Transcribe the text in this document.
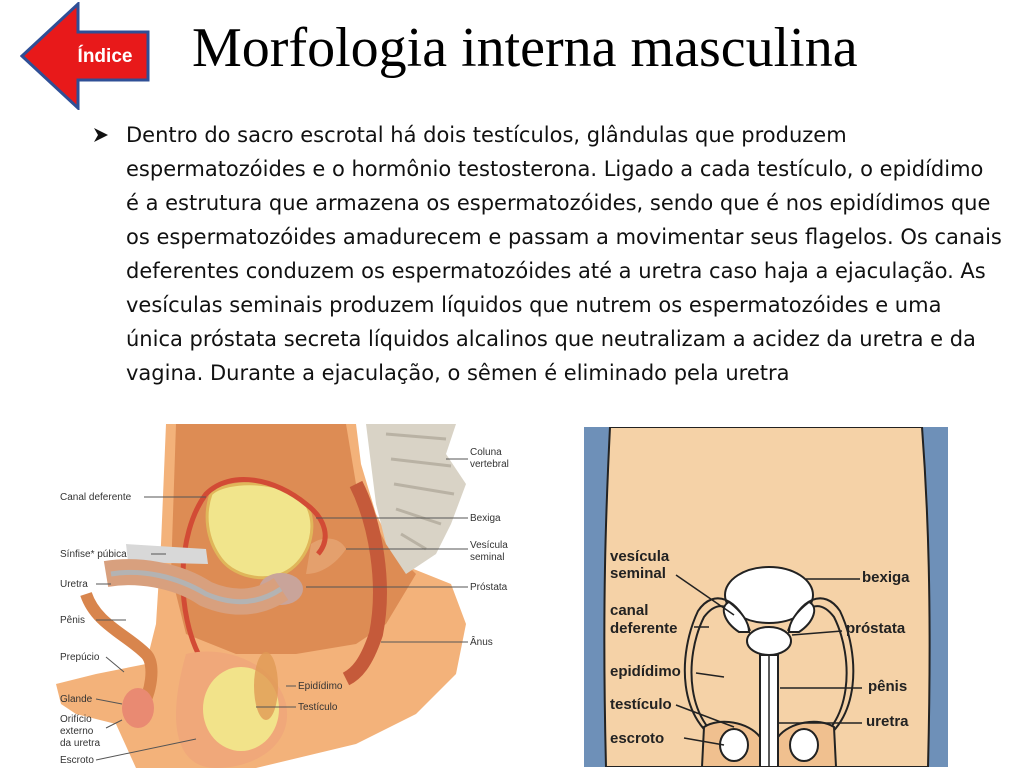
Índice	Morfologia interna masculina

Dentro do sacro escrotal há dois testículos, glândulas que produzem espermatozóides e o hormônio testosterona. Ligado a cada testículo, o epidídimo é a estrutura que armazena os espermatozóides, sendo que é nos epidídimos que os espermatozóides amadurecem e passam a movimentar seus flagelos. Os canais deferentes conduzem os espermatozóides até a uretra caso haja a ejaculação. As vesículas seminais produzem líquidos que nutrem os espermatozóides e uma única próstata secreta líquidos alcalinos que neutralizam a acidez da uretra e da vagina. Durante a ejaculação, o sêmen é eliminado pela uretra

Coluna
vertebral
Bexiga
Vesícula
seminal
Próstata
Ânus
Canal deferente
Sínfise* púbica
Uretra
Pênis
Prepúcio
Glande
Orifício
externo
da uretra
Escroto
Epidídimo
Testículo
vesícula
seminal
canal
deferente
epidídimo
testículo
escroto
bexiga
próstata
pênis
uretra
